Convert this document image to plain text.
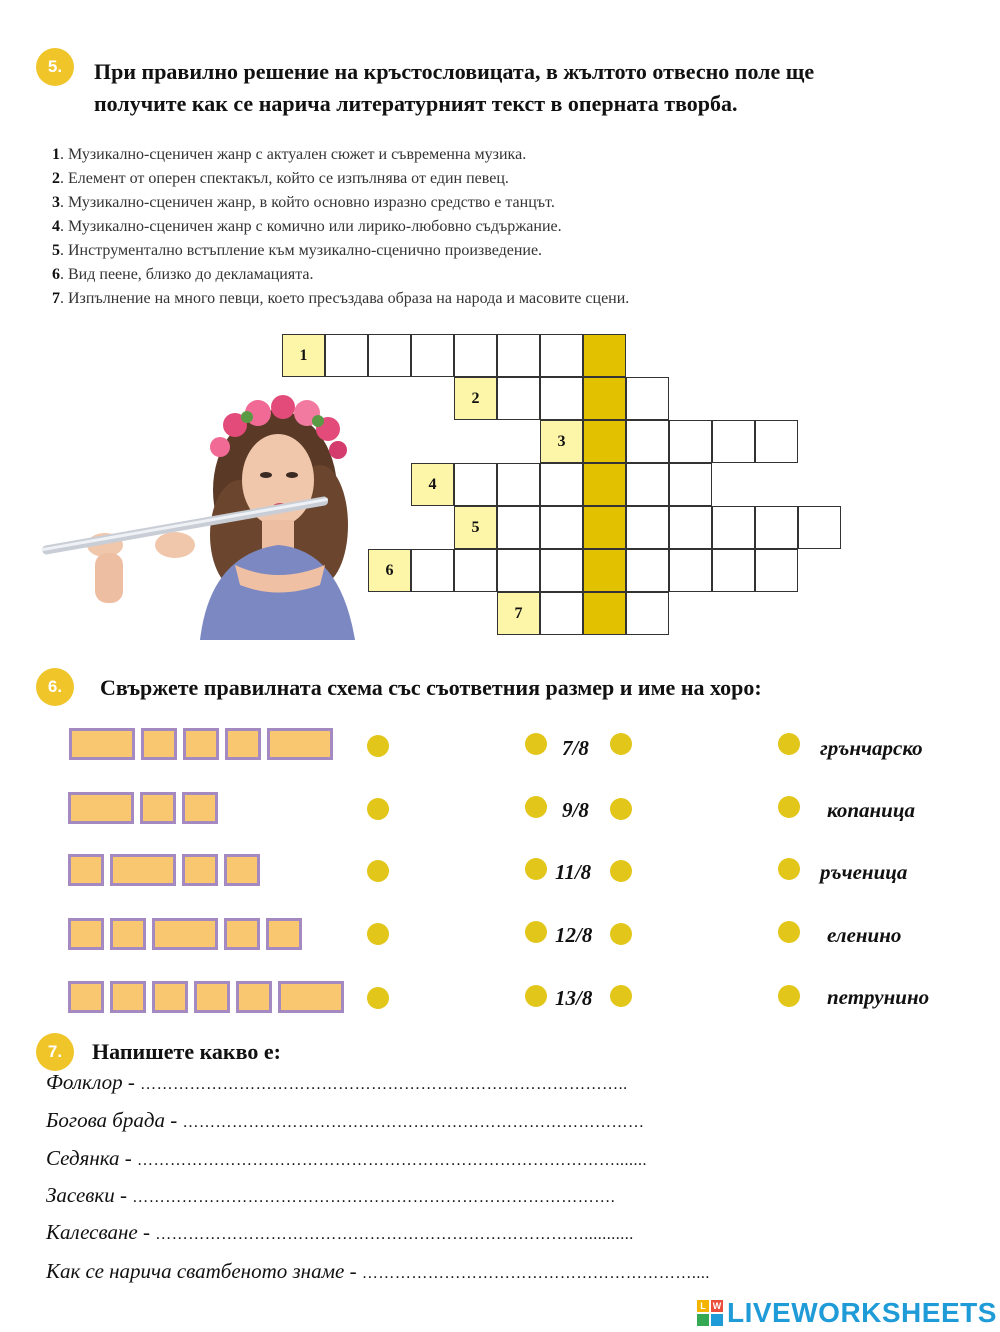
5.	При правилно решение на кръстословицата, в жълтото отвесно поле ще
получите как се нарича литературният текст в оперната творба.
1. Музикално-сценичен жанр с актуален сюжет и съвременна музика.
2. Елемент от оперен спектакъл, който се изпълнява от един певец.
3. Музикално-сценичен жанр, в който основно изразно средство е танцът.
4. Музикално-сценичен жанр с комично или лирико-любовно съдържание.
5. Инструментално встъпление към музикално-сценично произведение.
6. Вид пеене, близко до декламацията.
7. Изпълнение на много певци, което пресъздава образа на народа и масовите сцени.
1
2
3
4
5
6
7
6.	Свържете правилната схема със съответния размер и име на хоро:
7/8
9/8
11/8
12/8
13/8
грънчарско
копаница
ръченица
еленино
петрунино
7.	Напишете какво е:
Фолклор - ……………………………………………………………………………..
Богова брада - …………………………………………………………………………
Седянка - …………………………………………………………………………….......
Засевки - …………………………………………………………………………….
Калесване - ……………………………………………………………………...........
Как се нарича сватбеното знаме - ……………………………………………………....
L W LIVEWORKSHEETS
